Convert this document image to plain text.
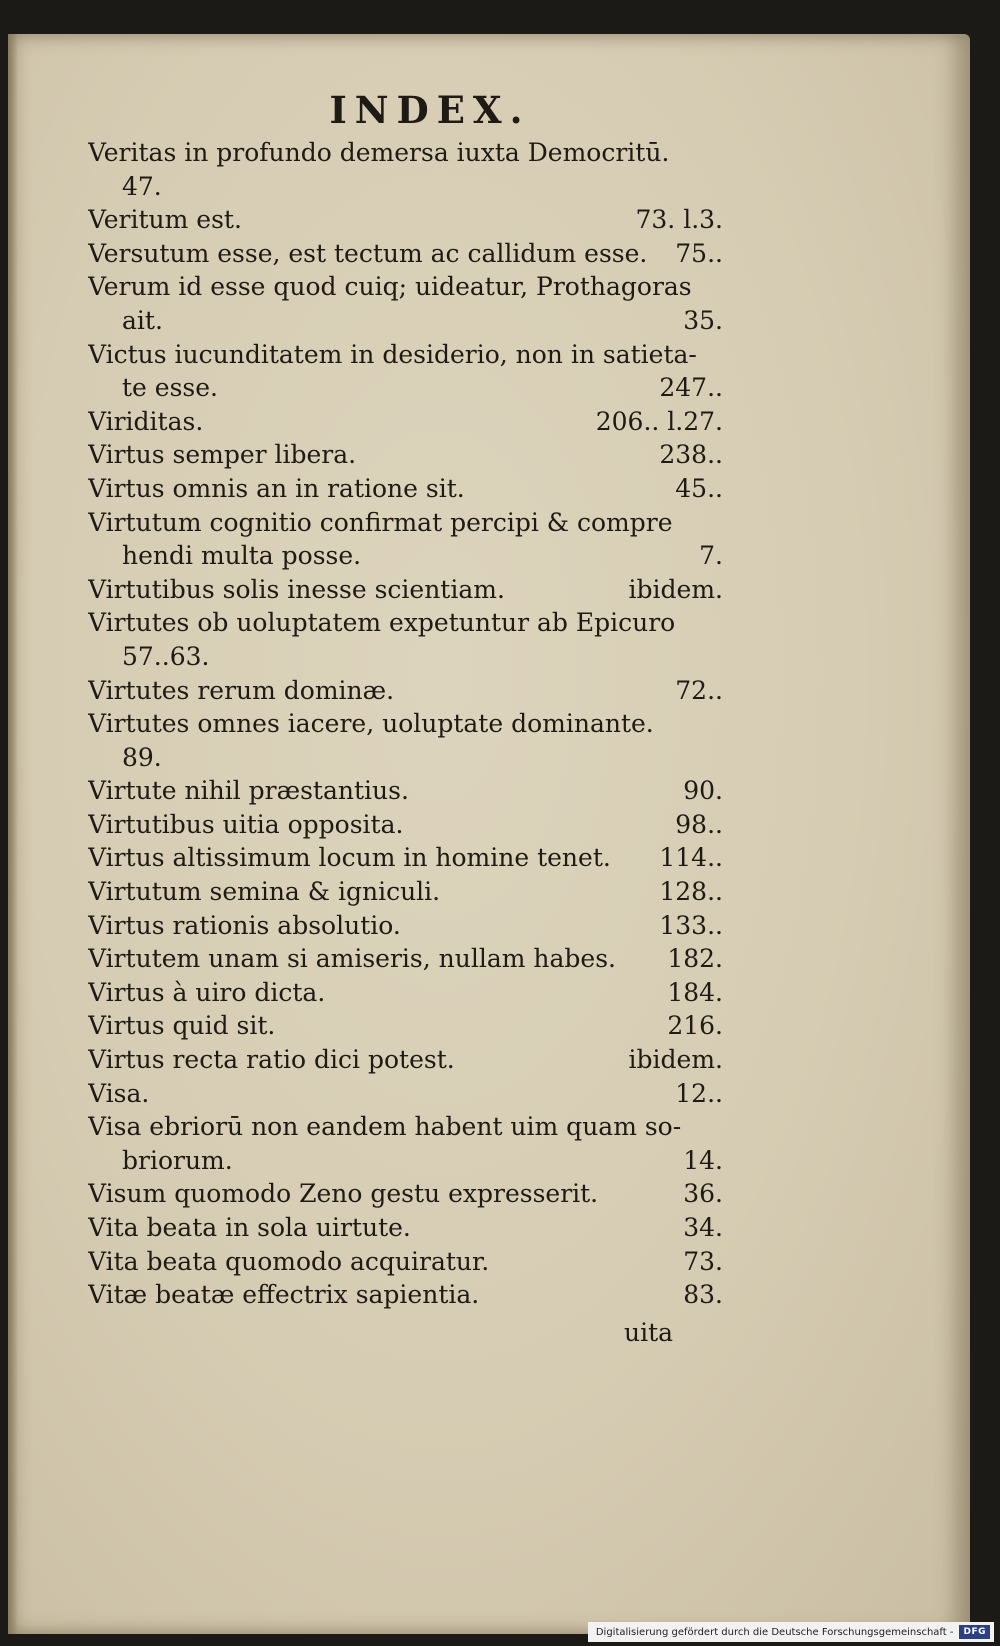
INDEX.
Veritas in profundo demersa iuxta Democritū.
47.
Veritum est.	73. l.3.
Versutum esse, est tectum ac callidum esse.	75..
Verum id esse quod cuiq; uideatur, Prothagoras
ait.	35.
Victus iucunditatem in desiderio, non in satieta-
te esse.	247..
Viriditas.	206.. l.27.
Virtus semper libera.	238..
Virtus omnis an in ratione sit.	45..
Virtutum cognitio confirmat percipi & compre
hendi multa posse.	7.
Virtutibus solis inesse scientiam.	ibidem.
Virtutes ob uoluptatem expetuntur ab Epicuro
57..63.
Virtutes rerum dominæ.	72..
Virtutes omnes iacere, uoluptate dominante.
89.
Virtute nihil præstantius.	90.
Virtutibus uitia opposita.	98..
Virtus altissimum locum in homine tenet.	114..
Virtutum semina & igniculi.	128..
Virtus rationis absolutio.	133..
Virtutem unam si amiseris, nullam habes.	182.
Virtus à uiro dicta.	184.
Virtus quid sit.	216.
Virtus recta ratio dici potest.	ibidem.
Visa.	12..
Visa ebriorū non eandem habent uim quam so-
briorum.	14.
Visum quomodo Zeno gestu expresserit.	36.
Vita beata in sola uirtute.	34.
Vita beata quomodo acquiratur.	73.
Vitæ beatæ effectrix sapientia.	83.
uita
Digitalisierung gefördert durch die Deutsche Forschungsgemeinschaft -	DFG
